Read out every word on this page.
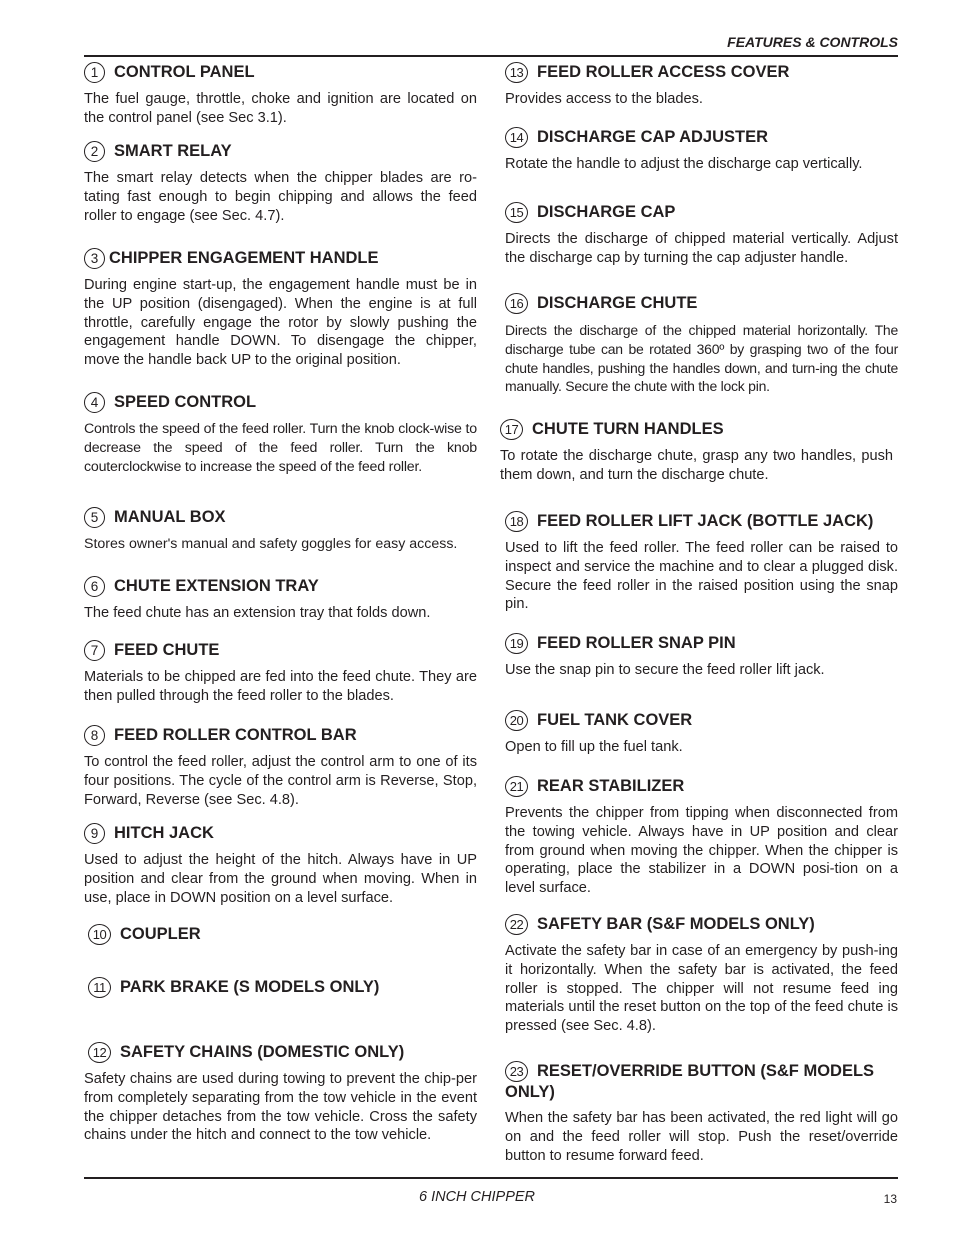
FEATURES & CONTROLS
1 CONTROL PANEL
The fuel gauge, throttle, choke and ignition are located on the control panel (see Sec 3.1).
2 SMART RELAY
The smart relay detects when the chipper blades are ro-tating fast enough to begin chipping and allows the feed roller to engage (see Sec. 4.7).
3 CHIPPER ENGAGEMENT HANDLE
During engine start-up, the engagement handle must be in the UP position (disengaged). When the engine is at full throttle, carefully engage the rotor by slowly pushing the engagement handle DOWN. To disengage the chipper, move the handle back UP to the original position.
4 SPEED CONTROL
Controls the speed of the feed roller. Turn the knob clock-wise to decrease the speed of the feed roller. Turn the knob couterclockwise to increase the speed of the feed roller.
5 MANUAL BOX
Stores owner's manual and safety goggles for easy access.
6 CHUTE EXTENSION TRAY
The feed chute has an extension tray that folds down.
7 FEED CHUTE
Materials to be chipped are fed into the feed chute. They are then pulled through the feed roller to the blades.
8 FEED ROLLER CONTROL BAR
To control the feed roller, adjust the control arm to one of its four positions. The cycle of the control arm is Reverse, Stop, Forward, Reverse (see Sec. 4.8).
9 HITCH JACK
Used to adjust the height of the hitch. Always have in UP position and clear from the ground when moving. When in use, place in DOWN position on a level surface.
10 COUPLER
11 PARK BRAKE (S MODELS ONLY)
12 SAFETY CHAINS (DOMESTIC ONLY)
Safety chains are used during towing to prevent the chip-per from completely separating from the tow vehicle in the event the chipper detaches from the tow vehicle. Cross the safety chains under the hitch and connect to the tow vehicle.
13 FEED ROLLER ACCESS COVER
Provides access to the blades.
14 DISCHARGE CAP ADJUSTER
Rotate the handle to adjust the discharge cap vertically.
15 DISCHARGE CAP
Directs the discharge of chipped material vertically. Adjust the discharge cap by turning the cap adjuster handle.
16 DISCHARGE CHUTE
Directs the discharge of the chipped material horizontally. The discharge tube can be rotated 360º by grasping two of the four chute handles, pushing the handles down, and turn-ing the chute manually. Secure the chute with the lock pin.
17 CHUTE TURN HANDLES
To rotate the discharge chute, grasp any two handles, push them down, and turn the discharge chute.
18 FEED ROLLER LIFT JACK (BOTTLE JACK)
Used to lift the feed roller. The feed roller can be raised to inspect and service the machine and to clear a plugged disk. Secure the feed roller in the raised position using the snap pin.
19 FEED ROLLER SNAP PIN
Use the snap pin to secure the feed roller lift jack.
20 FUEL TANK COVER
Open to fill up the fuel tank.
21 REAR STABILIZER
Prevents the chipper from tipping when disconnected from the towing vehicle. Always have in UP position and clear from ground when moving the chipper. When the chipper is operating, place the stabilizer in a DOWN posi-tion on a level surface.
22 SAFETY BAR (S&F MODELS ONLY)
Activate the safety bar in case of an emergency by push-ing it horizontally. When the safety bar is activated, the feed roller is stopped. The chipper will not resume feed ing materials until the reset button on the top of the feed chute is pressed (see Sec. 4.8).
23 RESET/OVERRIDE BUTTON (S&F MODELS ONLY)
When the safety bar has been activated, the red light will go on and the feed roller will stop. Push the reset/override button to resume forward feed.
6 INCH CHIPPER	13
